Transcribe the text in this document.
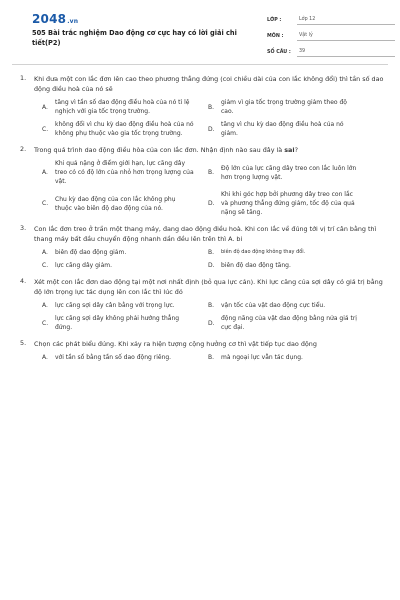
2048.vn
505 Bài trắc nghiệm Dao động cơ cực hay có lời giải chi tiết(P2)
LỚP :	Lớp 12
MÔN :	Vật lý
SỐ CÂU :	39
1. Khi đưa một con lắc đơn lên cao theo phương thẳng đứng (coi chiều dài của con lắc không đổi) thì tần số dao động điều hoà của nó sẽ
A.
tăng vì tần số dao động điều hoà của nó tỉ lệ nghịch với gia tốc trọng trường.
B.
giảm vì gia tốc trọng trường giảm theo độ cao.
C.
không đổi vì chu kỳ dao động điều hoà của nó không phụ thuộc vào gia tốc trọng trường.
D.
tăng vì chu kỳ dao động điều hoà của nó giảm.
2. Trong quá trình dao động điều hòa của con lắc đơn. Nhận định nào sau đây là sai?
A.
Khi quả nặng ở điểm giới hạn, lực căng dây treo có có độ lớn của nhỏ hơn trọng lượng của vật.
B.
Độ lớn của lực căng dây treo con lắc luôn lớn hơn trọng lượng vật.
C.
Chu kỳ dao động của con lắc không phụ thuộc vào biên độ dao động của nó.
D.
Khi khi góc hợp bởi phương dây treo con lắc và phương thẳng đứng giảm, tốc độ của quả nặng sẽ tăng.
3. Con lắc đơn treo ở trần một thang máy, đang dao động điều hoà. Khi con lắc về đúng tới vị trí cân bằng thì thang máy bất đầu chuyển động nhanh dần đều lên trên thì A. bi
A.	biên độ dao động giảm.	B.	biên độ dao động không thay đổi.
C.	lực căng dây giảm.	D.	biên độ dao động tăng.
4. Xét một con lắc đơn dao động tại một nơi nhất định (bỏ qua lực cản). Khi lực căng của sợi dây có giá trị bằng độ lớn trọng lực tác dụng lên con lắc thì lúc đó
A.	lực căng sợi dây cân bằng với trọng lực.	B.	vận tốc của vật dao động cực tiểu.
C.
lực căng sợi dây không phải hướng thẳng đứng.
D.
động năng của vật dao động bằng nửa giá trị cực đại.
5. Chọn các phát biểu đúng. Khi xảy ra hiện tượng cộng hưởng cơ thì vật tiếp tục dao động
A.	với tần số bằng tần số dao động riêng.	B.	mà ngoại lực vẫn tác dụng.
